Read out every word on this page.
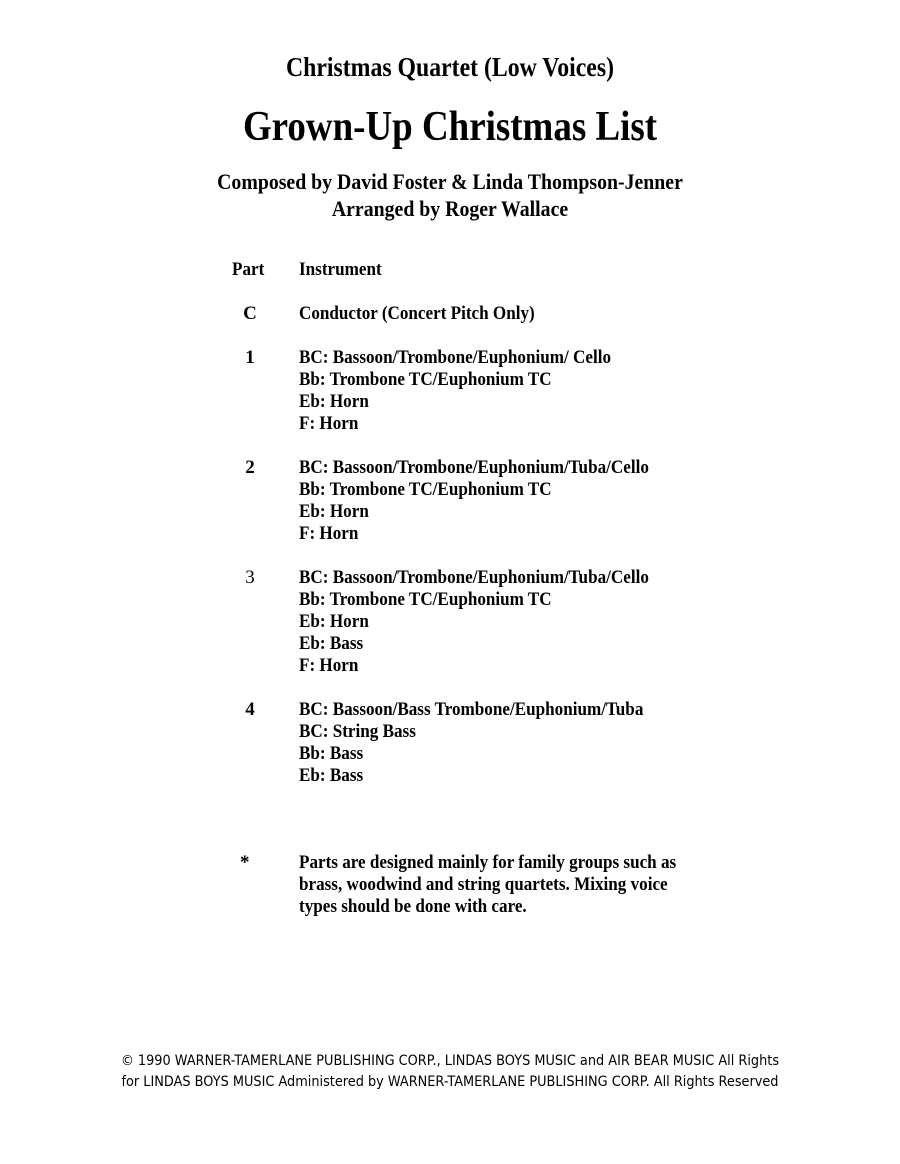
Christmas Quartet (Low Voices)
Grown-Up Christmas List
Composed by David Foster & Linda Thompson-Jenner
Arranged by Roger Wallace
Part Instrument
C	Conductor (Concert Pitch Only)
1	BC: Bassoon/Trombone/Euphonium/ Cello
Bb: Trombone TC/Euphonium TC
Eb: Horn
F: Horn
2	BC: Bassoon/Trombone/Euphonium/Tuba/Cello
Bb: Trombone TC/Euphonium TC
Eb: Horn
F: Horn
3	BC: Bassoon/Trombone/Euphonium/Tuba/Cello
Bb: Trombone TC/Euphonium TC
Eb: Horn
Eb: Bass
F: Horn
4	BC: Bassoon/Bass Trombone/Euphonium/Tuba
BC: String Bass
Bb: Bass
Eb: Bass
*	Parts are designed mainly for family groups such as
brass, woodwind and string quartets. Mixing voice
types should be done with care.
© 1990 WARNER-TAMERLANE PUBLISHING CORP., LINDAS BOYS MUSIC and AIR BEAR MUSIC All Rights
for LINDAS BOYS MUSIC Administered by WARNER-TAMERLANE PUBLISHING CORP. All Rights Reserved
